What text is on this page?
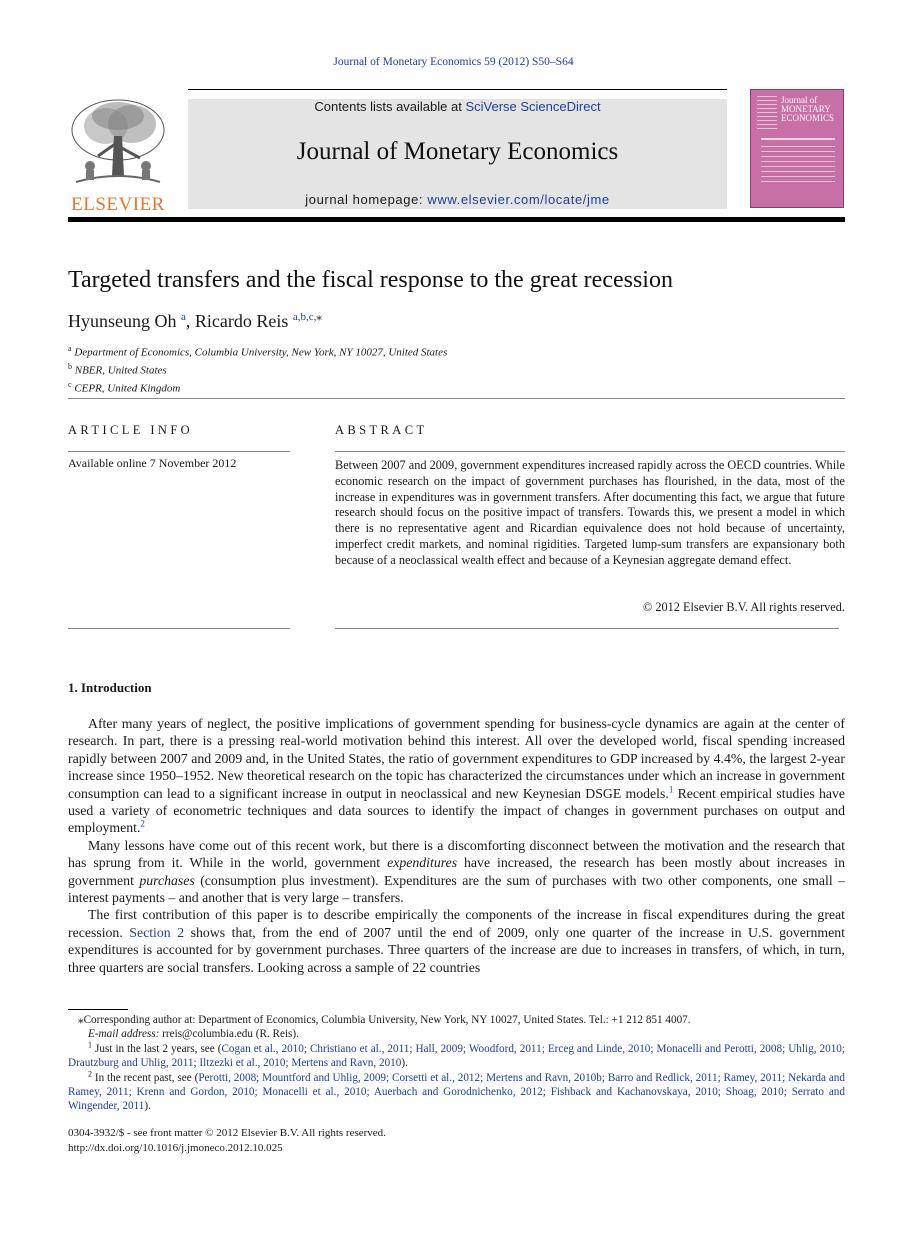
Journal of Monetary Economics 59 (2012) S50–S64
ELSEVIER
Contents lists available at SciVerse ScienceDirect
Journal of Monetary Economics
journal homepage: www.elsevier.com/locate/jme
Journal of MONETARY ECONOMICS
Targeted transfers and the fiscal response to the great recession
Hyunseung Oh $^a$, Ricardo Reis $^{a,b,c,⁎}$
$^a$ Department of Economics, Columbia University, New York, NY 10027, United States
$^b$ NBER, United States
$^c$ CEPR, United Kingdom
ARTICLE INFO	ABSTRACT
Available online 7 November 2012	Between 2007 and 2009, government expenditures increased rapidly across the OECD countries. While economic research on the impact of government purchases has flourished, in the data, most of the increase in expenditures was in government transfers. After documenting this fact, we argue that future research should focus on the positive impact of transfers. Towards this, we present a model in which there is no representative agent and Ricardian equivalence does not hold because of uncertainty, imperfect credit markets, and nominal rigidities. Targeted lump-sum transfers are expansionary both because of a neoclassical wealth effect and because of a Keynesian aggregate demand effect.
© 2012 Elsevier B.V. All rights reserved.
1. Introduction

After many years of neglect, the positive implications of government spending for business-cycle dynamics are again at the center of research. In part, there is a pressing real-world motivation behind this interest. All over the developed world, fiscal spending increased rapidly between 2007 and 2009 and, in the United States, the ratio of government expenditures to GDP increased by 4.4%, the largest 2-year increase since 1950–1952. New theoretical research on the topic has characterized the circumstances under which an increase in government consumption can lead to a significant increase in output in neoclassical and new Keynesian DSGE models.$^1$ Recent empirical studies have used a variety of econometric techniques and data sources to identify the impact of changes in government purchases on output and employment.$^2$

Many lessons have come out of this recent work, but there is a discomforting disconnect between the motivation and the research that has sprung from it. While in the world, government expenditures have increased, the research has been mostly about increases in government purchases (consumption plus investment). Expenditures are the sum of purchases with two other components, one small – interest payments – and another that is very large – transfers.

The first contribution of this paper is to describe empirically the components of the increase in fiscal expenditures during the great recession. Section 2 shows that, from the end of 2007 until the end of 2009, only one quarter of the increase in U.S. government expenditures is accounted for by government purchases. Three quarters of the increase are due to increases in transfers, of which, in turn, three quarters are social transfers. Looking across a sample of 22 countries

⁎Corresponding author at: Department of Economics, Columbia University, New York, NY 10027, United States. Tel.: +1 212 851 4007.

E-mail address: rreis@columbia.edu (R. Reis).

$^1$ Just in the last 2 years, see (Cogan et al., 2010; Christiano et al., 2011; Hall, 2009; Woodford, 2011; Erceg and Linde, 2010; Monacelli and Perotti, 2008; Uhlig, 2010; Drautzburg and Uhlig, 2011; Iltzezki et al., 2010; Mertens and Ravn, 2010).

$^2$ In the recent past, see (Perotti, 2008; Mountford and Uhlig, 2009; Corsetti et al., 2012; Mertens and Ravn, 2010b; Barro and Redlick, 2011; Ramey, 2011; Nekarda and Ramey, 2011; Krenn and Gordon, 2010; Monacelli et al., 2010; Auerbach and Gorodnichenko, 2012; Fishback and Kachanovskaya, 2010; Shoag, 2010; Serrato and Wingender, 2011).

0304-3932/$ - see front matter © 2012 Elsevier B.V. All rights reserved.
http://dx.doi.org/10.1016/j.jmoneco.2012.10.025
